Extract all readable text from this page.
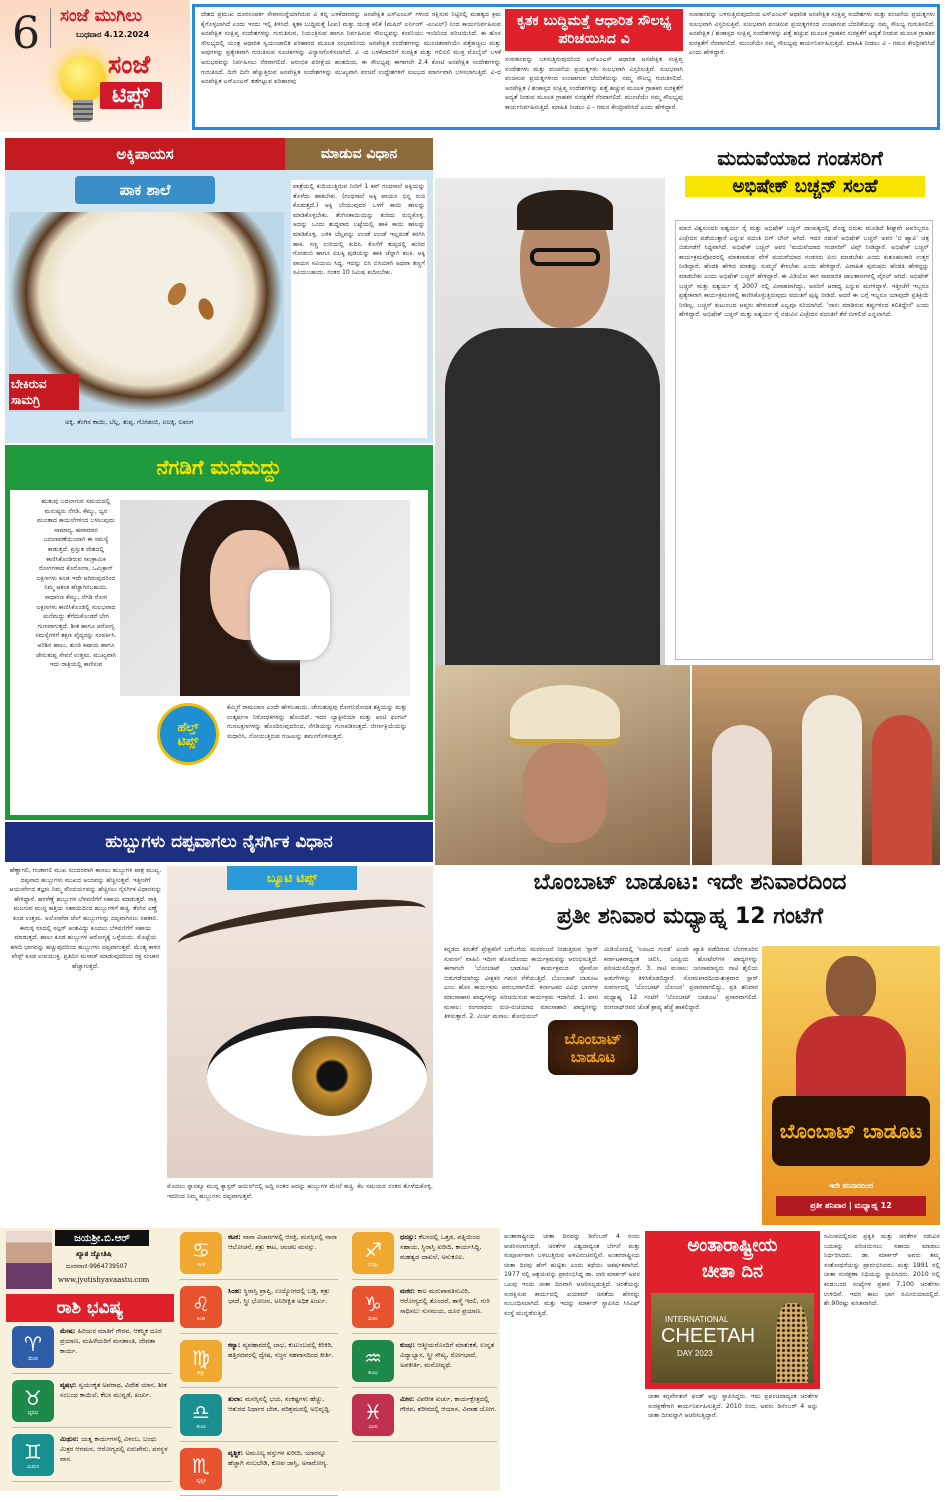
6 ಸಂಜೆ ಮುಗಿಲು
ಬುಧವಾರ 4.12.2024
ಸಂಜೆ
ಟಿಪ್ಸ್
ಕೃತಕ ಬುದ್ಧಿಮತ್ತೆ ಆಧಾರಿತ ಸೌಲಭ್ಯ ಪರಿಚಯಿಸಿದ ವಿ
ದೇಶದ ಪ್ರಮುಖ ದೂರಸಂಪರ್ಕ ಸೇವಾಸಂಸ್ಥೆಯಾಗಿರುವ ವಿ ತನ್ನ ಬಳಕೆದಾರರನ್ನು ಅನಪೇಕ್ಷಿತ ಎಸ್‌ಎಂಎಸ್ ಗಳಿಂದ ರಕ್ಷಿಸುವ ನಿಟ್ಟಿನಲ್ಲಿ ಮಹತ್ವದ ಕ್ರಮ ಕೈಗೊಳ್ಳಲಾಗಿದೆ ಎಂದು ಇಂದು ಇಲ್ಲಿ ತಿಳಿಸಿದೆ. ಕೃತಕ ಬುದ್ಧಿಮತ್ತೆ (ಎಐ) ಮತ್ತು ಯಂತ್ರ ಕಲಿಕೆ (ಮಷಿನ್ ಲರ್ನಿಂಗ್ -ಎಂಎಲ್) ನಿಂದ ಕಾರ್ಯನಿರ್ವಹಿಸುವ ಅನಪೇಕ್ಷಿತ ಸಂಕ್ಷಿಪ್ತ ಸಂದೇಶಗಳನ್ನು ಗುರುತಿಸುವ, ನಿಯಂತ್ರಿಸುವ ಹಾಗೂ ನಿರ್ವಹಿಸುವ ಸೌಲಭ್ಯವನ್ನು ಕಂಪನಿಯು ಇಂದಿನಿಂದ ಪರಿಚಯಿಸಿದೆ. ಈ ಹೊಸ ಸೌಲಭ್ಯದಲ್ಲಿ ಯಂತ್ರ ಆಧಾರಿತ ಸ್ವಯಂಚಾಲಿತ ಪರಿಹಾರದ ಮೂಲಕ ಸಂಭಾವನೀಯ ಅನಪೇಕ್ಷಿತ ಸಂದೇಶಗಳನ್ನು ಮುಂಚಿತವಾಗಿಯೇ ಪತ್ತೆಹಚ್ಚಲು ಮತ್ತು ಅವುಗಳನ್ನು ಪ್ರತ್ಯೇಕವಾಗಿ ಗುರುತಿಸುವ ಸೂಚಕಗಳನ್ನು ವಿನ್ಯಾಸಗೊಳಿಸಲಾಗಿದೆ. ವಿ -ದ ಬಳಕೆದಾರರಿಗೆ ಸುರಕ್ಷಿತ ಮತ್ತು ಗಲಿಬಿಲಿ ಮುಕ್ತ ಮೊಬೈಲ್ ಬಳಕೆ ಅನುಭವವನ್ನು ನಿರ್ವಹಿಸಲು ನೆರವಾಗಲಿದೆ. ಆರಂಭಿಕ ಪರೀಕ್ಷೆಯ ಹಂತದಿಂದ, ಈ ಸೌಲಭ್ಯವು ಈಗಾಗಲೇ 2.4 ಕೋಟಿ ಅನಪೇಕ್ಷಿತ ಸಂದೇಶಗಳನ್ನು ಗುರುತಿಸಿದೆ. ದಿನೇ ದಿನೇ ಹೆಚ್ಚುತ್ತಿರುವ ಅನಪೇಕ್ಷಿತ ಸಂದೇಶಗಳನ್ನು ಮುಖ್ಯವಾಗಿ ವಂಚನೆ ಉದ್ದೇಶಗಳಿಗೆ ಸುಲಭದ ಮಾರ್ಗವಾಗಿ ಬಳಸಲಾಗುತ್ತಿದೆ. ವಿ-ದ ಅನಪೇಕ್ಷಿತ ಎಸ್‌ಎಂಎಸ್ ತಡೆಗಟ್ಟುವ ಪರಿಹಾರವು
ಸಂವಹನವನ್ನು ಬಳಸುತ್ತಿರುವುದರಿಂದ ಎಸ್‌ಎಂಎಸ್ ಆಧಾರಿತ ಅನಪೇಕ್ಷಿತ ಸಂಕ್ಷಿಪ್ತ ಸಂದೇಶಗಳು ಮತ್ತು ವಂಚನೆಯ ಪ್ರಯತ್ನಗಳು ಸುಲಭವಾಗಿ ವಿಸ್ತರಿಸುತ್ತಿವೆ. ಸುಲಭವಾಗಿ ವಂಚಿಸುವ ಪ್ರಯತ್ನಗಳಿಂದ ಉಂಟಾಗುವ ಬೆದರಿಕೆಯನ್ನು ನಮ್ಮ ಸೌಲಭ್ಯ ಗುರುತಿಸಲಿದೆ. ಅನಪೇಕ್ಷಿತ / ಶಂಕಾಸ್ಪದ ಸಂಕ್ಷಿಪ್ತ ಸಂದೇಶಗಳನ್ನು ಪತ್ತೆ ಹಚ್ಚುವ ಮೂಲಕ ಗ್ರಾಹಕರ ಸುರಕ್ಷತೆಗೆ ಆದ್ಯತೆ ನೀಡುವ ಮೂಲಕ ಗ್ರಾಹಕರ ಸುರಕ್ಷತೆಗೆ ನೆರವಾಗಲಿದೆ. ಮುಂಚೆಯೇ ನಮ್ಮ ಸೌಲಭ್ಯವು ಕಾರ್ಯನಿರ್ವಹಿಸುತ್ತಿದೆ. ಮಾಹಿತಿ ನೀಡಲು ವಿ - ಗಮನ ಕೇಂದ್ರೀಕರಿಸಿದೆ ಎಂದು ಹೇಳಿದ್ದಾರೆ.
ಸಂವಹನವನ್ನು ಬಳಸುತ್ತಿರುವುದರಿಂದ ಎಸ್‌ಎಂಎಸ್ ಆಧಾರಿತ ಅನಪೇಕ್ಷಿತ ಸಂಕ್ಷಿಪ್ತ ಸಂದೇಶಗಳು ಮತ್ತು ವಂಚನೆಯ ಪ್ರಯತ್ನಗಳು ಸುಲಭವಾಗಿ ವಿಸ್ತರಿಸುತ್ತಿವೆ. ಸುಲಭವಾಗಿ ವಂಚಿಸುವ ಪ್ರಯತ್ನಗಳಿಂದ ಉಂಟಾಗುವ ಬೆದರಿಕೆಯನ್ನು ನಮ್ಮ ಸೌಲಭ್ಯ ಗುರುತಿಸಲಿದೆ. ಅನಪೇಕ್ಷಿತ / ಶಂಕಾಸ್ಪದ ಸಂಕ್ಷಿಪ್ತ ಸಂದೇಶಗಳನ್ನು ಪತ್ತೆ ಹಚ್ಚುವ ಮೂಲಕ ಗ್ರಾಹಕರ ಸುರಕ್ಷತೆಗೆ ಆದ್ಯತೆ ನೀಡುವ ಮೂಲಕ ಗ್ರಾಹಕರ ಸುರಕ್ಷತೆಗೆ ನೆರವಾಗಲಿದೆ. ಮುಂಚೆಯೇ ನಮ್ಮ ಸೌಲಭ್ಯವು ಕಾರ್ಯನಿರ್ವಹಿಸುತ್ತಿದೆ. ಮಾಹಿತಿ ನೀಡಲು ವಿ - ಗಮನ ಕೇಂದ್ರೀಕರಿಸಿದೆ ಎಂದು ಹೇಳಿದ್ದಾರೆ.
ಅಕ್ಕಿಪಾಯಸ	ಮಾಡುವ ವಿಧಾನ
ಪಾಕ ಶಾಲೆ
ಬೇಕಿರುವ ಸಾಮಗ್ರಿ
ಅಕ್ಕಿ, ತೆಂಗಿನ ಕಾಯಿ, ಬೆಲ್ಲ, ತುಪ್ಪ, ಗೋಡಂಬಿ, ಏಲಕ್ಕಿ, ಲವಂಗ
ಪಾತ್ರೆಯಲ್ಲಿ ಕುದಿಯುತ್ತಿರುವ ನೀರಿಗೆ 1 ಕಪ್ ಗಂಧಸಾಲೆ ಅಕ್ಕಿಯನ್ನು ತೊಳೆದು ಹಾಕಬೇಕು. (ಗಂಧಸಾಲೆ ಅಕ್ಕಿ ಪಾಯಸ ಭಿನ್ನ ರುಚಿ ಕೊಡುತ್ತದೆ.) ಅಕ್ಕಿ ಬೇಯುವುದರ ಒಳಗೆ ಕಾಯಿ ಹಾಲನ್ನು ಮಾಡಿಕೊಳ್ಳಬೇಕು. ತೆಂಗಿನಕಾಯಿಯನ್ನು ತುರಿದು ರುಬ್ಬಿಕೊಳ್ಳಿ. ಅದನ್ನು ಒಂದು ಶುದ್ಧವಾದ ಬಟ್ಟೆಯಲ್ಲಿ ಹಾಕಿ ಕಾಯಿ ಹಾಲನ್ನು ಮಾಡಿಕೊಳ್ಳಿ. ಬಳಿಕ ಬೆಲ್ಲವನ್ನು ಉಂಡೆ ಉಂಡೆ ಇಲ್ಲದಂತೆ ಕರಗಿಸಿ ಹಾಕಿ. ಸಣ್ಣ ಉರಿಯಲ್ಲಿ ಕುದಿಸಿ. ಕೊನೆಗೆ ತುಪ್ಪದಲ್ಲಿ ಹುರಿದ ಗೋಡಂಬಿ ಹಾಗೂ ಏಲಕ್ಕಿ ಪುಡಿಯನ್ನು ಹಾಕಿ ಚೆನ್ನಾಗಿ ಕಲಕಿ. ಅಕ್ಕಿ ಪಾಯಸ ಸವಿಯಲು ಸಿದ್ಧ. ಇದನ್ನು ಬಿಸಿ ಬಿಸಿಯಾಗಿ ಅಥವಾ ತಣ್ಣಗೆ ಸವಿಯಬಹುದು. ನಂತರ 10 ನಿಮಿಷ ಕುದಿಸಬೇಕು.
ಮದುವೆಯಾದ ಗಂಡಸರಿಗೆ
ಅಭಿಷೇಕ್ ಬಚ್ಚನ್ ಸಲಹೆ
ಮಾಜಿ ವಿಶ್ವಸುಂದರಿ ಐಶ್ವರ್ಯ ರೈ ಮತ್ತು ಅಭಿಷೇಕ್ ಬಚ್ಚನ್ ದಾಂಪತ್ಯದಲ್ಲಿ ದೊಡ್ಡ ಬಿರುಕು ಮೂಡಿದೆ ಶೀಘ್ರವೇ ಅವರಿಬ್ಬರೂ ವಿಚ್ಛೇದನ ಪಡೆಯುತ್ತಾರೆ ಎನ್ನುವ ವದಂತಿ ಬಿಗ್ ಬೌನ್ ಆಗಿದೆ. ಇದರ ನಡುವೆ ಅಭಿಷೇಕ್ ಬಚ್ಚನ್ ಅವರ 'ಬಿ ಹ್ಯಾಪಿ' ಚಿತ್ರ ಬಿಡುಗಡೆಗೆ ಸಿದ್ಧವಾಗಿದೆ. ಅಭಿಷೇಕ್ ಬಚ್ಚನ್ ಅವರ 'ಮದುವೆಯಾದ ಗಂಡಸರಿಗೆ' ಟಿಪ್ಸ್ ನೀಡಿದ್ದಾರೆ. ಅಭಿಷೇಕ್ ಬಚ್ಚನ್ ಕಾರ್ಯಕ್ರಮವೊಂದರಲ್ಲಿ ಮಾತನಾಡುವ ವೇಳೆ ಮದುವೆಯಾದ ಗಂಡಸರು ಏನು ಮಾಡಬೇಕು ಎಂದು ಕುತೂಹಲಕಾರಿ ಉತ್ತರ ನೀಡಿದ್ದಾರೆ. ಹೆಂಡತಿ ಹೇಳಿದ ಮಾತನ್ನು ಸುಮ್ಮನೆ ಕೇಳಬೇಕು ಎಂದು ಹೇಳಿದ್ದಾರೆ. ವಿವಾಹಿತ ಪುರುಷರು ಹೆಂಡತಿ ಹೇಳಿದ್ದನ್ನು ಮಾಡಬೇಕು ಎಂದು ಅಭಿಷೇಕ್ ಬಚ್ಚನ್ ಹೇಳಿದ್ದಾರೆ. ಈ ವಿಡಿಯೋ ಈಗ ಸಾಮಾಜಿಕ ಜಾಲತಾಣಗಳಲ್ಲಿ ವೈರಲ್ ಆಗಿದೆ. ಅಭಿಷೇಕ್ ಬಚ್ಚನ್ ಮತ್ತು ಐಶ್ವರ್ಯ ರೈ 2007 ರಲ್ಲಿ ವಿವಾಹವಾಗಿದ್ದು, ಅವರಿಗೆ ಆರಾಧ್ಯ ಎನ್ನುವ ಮಗಳಿದ್ದಾಳೆ. ಇತ್ತೀಚೆಗೆ ಇಬ್ಬರೂ ಪ್ರತ್ಯೇಕವಾಗಿ ಕಾರ್ಯಕ್ರಮಗಳಲ್ಲಿ ಕಾಣಿಸಿಕೊಳ್ಳುತ್ತಿರುವುದು ವದಂತಿಗೆ ಪುಷ್ಟಿ ನೀಡಿದೆ. ಆದರೆ ಈ ಬಗ್ಗೆ ಇಬ್ಬರೂ ಯಾವುದೇ ಪ್ರತಿಕ್ರಿಯೆ ನೀಡಿಲ್ಲ. ಬಚ್ಚನ್ ಕುಟುಂಬದ ಆಪ್ತರು ಹೇಳುವಂತೆ ಎಲ್ಲವೂ ಸರಿಯಾಗಿದೆ. 'ನಾನು ಮಾಡಿರುವ ತಪ್ಪುಗಳಿಂದ ಕಲಿತಿದ್ದೇನೆ' ಎಂದು ಹೇಳಿದ್ದಾರೆ. ಅಭಿಷೇಕ್ ಬಚ್ಚನ್ ಮತ್ತು ಐಶ್ವರ್ಯ ರೈ ನಡುವಿನ ವಿಚ್ಛೇದನ ವದಂತಿಗೆ ತೆರೆ ಬೀಳಲಿದೆ ಎನ್ನಲಾಗಿದೆ.
ನೆಗಡಿಗೆ ಮನೆಮದ್ದು
ಋತುವು ಬದಲಾಗುವ ಸಮಯದಲ್ಲಿ ಮನುಷ್ಯರು ನೆಗಡಿ, ಕೆಮ್ಮು, ಜ್ವರ ಮುಂತಾದ ಕಾಯಿಲೆಗಳಿಂದ ಬಳಲುವುದು ಸಾಮಾನ್ಯ. ಹವಾಮಾನ ಬದಲಾವಣೆಯಿಂದಾಗಿ ಈ ಸಮಸ್ಯೆ ಕಾಡುತ್ತದೆ. ಪ್ರಸ್ತುತ ದೇಶದಲ್ಲಿ ಕಾಣಿಸಿಕೊಂಡಿರುವ ಸಾಂಕ್ರಾಮಿಕ ರೋಗಗಳಾದ ಕೊರೋನಾ, ಒಮಿಕ್ರಾನ್ ಲಕ್ಷಣಗಳು ಕೂಡ ಇದೇ ಆಗಿರುವುದರಿಂದ ನಿಮ್ಮ ಆತಂಕ ಹೆಚ್ಚಾಗಿರಬಹುದು. ಸಾಧಾರಣ ಕೆಮ್ಮು, ನೆಗಡಿ ರೋಗ ಲಕ್ಷಣಗಳು ಕಾಣಿಸಿಕೊಂಡಲ್ಲಿ ಸುಲಭವಾದ ಮನೆಮದ್ದು ತೆಗೆದುಕೊಂಡರೆ ಬೇಗ ಗುಣವಾಗುತ್ತದೆ. ಶೀತ ಹಾಗೂ ಆರೋಗ್ಯ ಸಮಸ್ಯೆಗಳಿಗೆ ತಕ್ಷಣ ವೈದ್ಯರನ್ನು ಸಂಪರ್ಕಿಸಿ. ಅರಿಶಿನ ಹಾಲು, ಶುಂಠಿ ಕಷಾಯ ಹಾಗೂ ಜೇನುತುಪ್ಪ ಸೇವನೆ ಉತ್ತಮ. ಮುಖ್ಯವಾಗಿ ಇದು ರಾತ್ರಿಯಲ್ಲಿ ಕಾಣಿಸುವ
ಹೆಲ್ತ್
ಟಿಪ್ಸ್
ಕೆಮ್ಮಿಗೆ ರಾಮಬಾಣ ಎಂದೇ ಹೇಳಬಹುದು. ಜೇನುತುಪ್ಪವು ರೋಗನಿರೋಧಕ ಶಕ್ತಿಯನ್ನು ಮತ್ತು ಉತ್ಕರ್ಷಣ ನಿರೋಧಕಗಳನ್ನು ಹೊಂದಿದೆ. ಇದರ ಬ್ಯಾಕ್ಟೀರಿಯಾ ಮತ್ತು ಆಂಟಿ ಫಂಗಲ್ ಗುಣಲಕ್ಷಣಗಳನ್ನು ಹೊಂದಿರುವುದರಿಂದ, ನೆಗಡಿಯನ್ನು ಗುಣಪಡಿಸುತ್ತದೆ. ಜೀರ್ಣಕ್ರಿಯೆಯನ್ನು ಸುಧಾರಿಸಿ, ನೋಯುತ್ತಿರುವ ಗಂಟಲನ್ನು ಶಮನಗೊಳಿಸುತ್ತದೆ.
ಹುಬ್ಬುಗಳು ದಪ್ಪವಾಗಲು ನೈಸರ್ಗಿಕ ವಿಧಾನ
ಹೆಣ್ಣಾಗಲಿ, ಗಂಡಾಗಲಿ ಮುಖ ಸುಂದರವಾಗಿ ಕಾಣಲು ಹುಬ್ಬುಗಳ ಪಾತ್ರ ಮುಖ್ಯ. ದಪ್ಪವಾದ ಹುಬ್ಬುಗಳು ಮುಖದ ಅಂದವನ್ನು ಹೆಚ್ಚಿಸುತ್ತವೆ. ಇತ್ತೀಚೆಗೆ ಆಯುರ್ವೇದ ತಜ್ಞರು ನಿಮ್ಮ ಸೌಂದರ್ಯವನ್ನು ಹೆಚ್ಚಿಸಲು ನೈಸರ್ಗಿಕ ವಿಧಾನವನ್ನು ಹೇಳಿದ್ದಾರೆ. ಹರಳೆಣ್ಣೆ ಹುಬ್ಬುಗಳ ಬೆಳವಣಿಗೆಗೆ ಸಹಾಯ ಮಾಡುತ್ತದೆ. ರಾತ್ರಿ ಮಲಗುವ ಮುನ್ನ ಹತ್ತಿಯ ಸಹಾಯದಿಂದ ಹುಬ್ಬುಗಳಿಗೆ ಹಚ್ಚಿ. ತೆಂಗಿನ ಎಣ್ಣೆ ಕೂಡ ಉತ್ತಮ. ಅಲೋವೆರಾ ಜೆಲ್ ಹುಬ್ಬುಗಳನ್ನು ದಪ್ಪವಾಗಿಸಲು ಸಹಕಾರಿ. ಈರುಳ್ಳಿ ರಸದಲ್ಲಿ ಸಲ್ಫರ್ ಅಂಶವಿದ್ದು ಕೂದಲು ಬೆಳವಣಿಗೆಗೆ ಸಹಾಯ ಮಾಡುತ್ತದೆ. ಹಾಲು ಕೂಡ ಹುಬ್ಬುಗಳ ಆರೋಗ್ಯಕ್ಕೆ ಒಳ್ಳೆಯದು. ಮೊಟ್ಟೆಯ ಹಳದಿ ಭಾಗವನ್ನು ಹಚ್ಚುವುದರಿಂದ ಹುಬ್ಬುಗಳು ದಪ್ಪವಾಗುತ್ತವೆ. ಮೆಂತ್ಯ ಕಾಳಿನ ಪೇಸ್ಟ್ ಕೂಡ ಉಪಯುಕ್ತ. ಪ್ರತಿದಿನ ಮಸಾಜ್ ಮಾಡುವುದರಿಂದ ರಕ್ತ ಸಂಚಾರ ಹೆಚ್ಚಾಗುತ್ತದೆ.
ಬ್ಯೂಟಿ ಟಿಪ್ಸ್
ಮೊದಲು ಸ್ನಾನಕ್ಕೂ ಮುನ್ನ ಕ್ಯಾಸ್ಟರ್ ಆಯಿಲ್‌ನಲ್ಲಿ ಅದ್ದಿ ನಂತರ ಅದನ್ನು ಹುಬ್ಬುಗಳ ಮೇಲೆ ಹಚ್ಚಿ. ಕೆಲ ಸಮಯದ ನಂತರ ತೊಳೆದುಕೊಳ್ಳಿ. ಇದರಿಂದ ನಿಮ್ಮ ಹುಬ್ಬುಗಳು ದಪ್ಪವಾಗುತ್ತವೆ.
ಬೊಂಬಾಟ್ ಬಾಡೂಟ: ಇದೇ ಶನಿವಾರದಿಂದ
ಪ್ರತೀ ಶನಿವಾರ ಮಧ್ಯಾಹ್ನ 12 ಗಂಟೆಗೆ
ಕನ್ನಡದ ಕಿರುತೆರೆ ಪ್ರೇಕ್ಷಕರಿಗೆ ಬಗೆಬಗೆಯ ಮನರಂಜನೆ ನೀಡುತ್ತಿರುವ 'ಸ್ಟಾರ್ ಸುವರ್ಣ' ವಾಹಿನಿ ಇದೀಗ ಹೊಸದೊಂದು ಕಾರ್ಯಕ್ರಮವನ್ನು ಆರಂಭಿಸುತ್ತಿದೆ. ಈಗಾಗಲೇ 'ಬೊಂಬಾಟ್ ಬಾಡೂಟ' ಕಾರ್ಯಕ್ರಮದ ಪ್ರೋಮೋ ಬಿಡುಗಡೆಯಾಗಿದ್ದು ವೀಕ್ಷಕರ ಗಮನ ಸೆಳೆಯುತ್ತಿದೆ. ಬೊಂಬಾಟ್ ಬಾಡೂಟ ಎಂಬ ಹೊಸ ಕಾರ್ಯಕ್ರಮ ಆರಂಭವಾಗಲಿದೆ. ಕರ್ನಾಟಕದ ವಿವಿಧ ಭಾಗಗಳ ಮಾಂಸಾಹಾರ ಖಾದ್ಯಗಳನ್ನು ಪರಿಚಯಿಸುವ ಕಾರ್ಯಕ್ರಮ ಇದಾಗಿದೆ. 1. ಖಾರ ಮಸಾಲ: ರಂಗನಾಥರು ರುಚಿ-ರುಚಿಯಾದ ಮಾಂಸಾಹಾರಿ ಖಾದ್ಯಗಳನ್ನು ತಿಳಿಸುತ್ತಾರೆ. 2. ಮಿರ್ಚಿ ಮಸಾಲ: ಶೋಭಿಯಲ್
ಬೊಂಬಾಟ್ ಬಾಡೂಟ
ಮಿಡಿಯೋದಲ್ಲಿ 'ಊಟದ ಗುಂಡ' ಎಂದೇ ಖ್ಯಾತಿ ಪಡೆದಿರುವ ಬೆಂಗಳೂರಿನ ಕರ್ನಾಟಕವಾದ್ಯಂತ ಚಲಿಸಿ, ಜನಪ್ರಿಯ ಹೋಟೆಲ್‌ಗಳ ಖಾದ್ಯಗಳನ್ನು ಪರಿಚಯಿಸಲಿದ್ದಾರೆ. 3. ನಾಟಿ ಮಸಾಲ: ಜನಸಾಮಾನ್ಯರು ನಾಟಿ ಶೈಲಿಯ ಅಡುಗೆಗಳನ್ನು ತಿಳಿಸಿಕೊಡಲಿದ್ದಾರೆ. ಸೋಮವಾರದಿಂದ-ಶುಕ್ರವಾರ ಸ್ಟಾರ್ ಸುವರ್ಣದಲ್ಲಿ 'ಬೊಂಬಾಟ್ ಬೋಜನ' ಪ್ರಸಾರವಾಗಲಿದ್ದು, ಪ್ರತಿ ಶನಿವಾರ ಮಧ್ಯಾಹ್ನ 12 ಗಂಟೆಗೆ 'ಬೊಂಬಾಟ್ ಬಾಡೂಟ' ಪ್ರಸಾರವಾಗಲಿದೆ. ರಂಗನಾಥ್‌ರವರ ಜೊತೆ ಶ್ರಾವ್ಯ ಹೆಜ್ಜೆ ಹಾಕಲಿದ್ದಾರೆ.
ಬೊಂಬಾಟ್ ಬಾಡೂಟ
ಇದೇ ಶನಿವಾರದಿಂದ
ಪ್ರತೀ ಶನಿವಾರ | ಮಧ್ಯಾಹ್ನ 12
ಜಯಶ್ರೀ.ಬಿ.ಆರ್
ಖ್ಯಾತ ಜ್ಯೋತಿಷಿ
ದೂರವಾಣಿ-9964739507
www.jyotishyavaastu.com
ರಾಶಿ ಭವಿಷ್ಯ
♈
ಮೇಷ
ಮೇಷ: ಹಿರಿಯರ ಮಾತಿಗೆ ಗೌರವ, ಆಕಸ್ಮಿಕ ದೂರ ಪ್ರಯಾಣ, ಮಹಿಳೆಯರಿಗೆ ಮನಶಾಂತಿ, ದೇವತಾ ಕಾರ್ಯ.
♉
ವೃಷಭ
ವೃಷಭ: ಸ್ವಯಂಕೃತ ಅಪರಾಧ, ವಿದೇಶ ಯಾನ, ಶೀತ ಸಂಬಂಧ ಕಾಯಿಲೆ, ಕೆಲಸ ಮುನ್ನಡೆ, ಖರ್ಚು.
♊
ಮಿಥುನ
ಮಿಥುನ: ಯತ್ನ ಕಾರ್ಯಗಳಲ್ಲಿ ವಿಳಂಬ, ಬಂಧು ಮಿತ್ರರ ಆಗಮನ, ಆರೋಗ್ಯದಲ್ಲಿ ಏರುಪೇರು, ಪರಸ್ಥಳ ವಾಸ.
♋
ಕಟಕ
ಕಟಕ: ನಾನಾ ವಿಚಾರಗಳಲ್ಲಿ ಆಸಕ್ತಿ, ಮನಸ್ಸಿನಲ್ಲಿ ನಾನಾ ಆಲೋಚನೆ, ಶತ್ರು ಕಾಟ, ಚಂಚಲ ಮನಸ್ಸು.
♌
ಸಿಂಹ
ಸಿಂಹ: ಸ್ಥಿರಾಸ್ತಿ ಪ್ರಾಪ್ತಿ, ಉದ್ಯೋಗದಲ್ಲಿ ಬಡ್ತಿ, ಶತ್ರು ಭಾದೆ, ಸ್ತ್ರೀ ಭೋಜನ, ಅನಿರೀಕ್ಷಿತ ಅಧಿಕ ಖರ್ಚು.
♍
ಕನ್ಯಾ
ಕನ್ಯಾ: ವ್ಯವಹಾರದಲ್ಲಿ ಲಾಭ, ಕುಟುಂಬದಲ್ಲಿ ಕಿರಿಕಿರಿ, ಹತ್ತಿರದವರಲ್ಲಿ ದ್ವೇಷ, ಸಜ್ಜನ ಸಹವಾಸದಿಂದ ಕೀರ್ತಿ.
♎
ತುಲಾ
ತುಲಾ: ಮನಸ್ಸಿನಲ್ಲಿ ಭಯ, ಸಂಕಷ್ಟಗಳು ಹೆಚ್ಚು, ಆತುರದ ನಿರ್ಧಾರ ಬೇಡ, ಪರಿಶ್ರಮದಲ್ಲಿ ಅಭಿವೃದ್ಧಿ.
♏
ವೃಶ್ಚಿಕ
ವೃಶ್ಚಿಕ: ಅಮೂಲ್ಯ ವಸ್ತುಗಳ ಖರೀದಿ, ಯಾರನ್ನೂ ಹೆಚ್ಚಾಗಿ ನಂಬಬೇಡಿ, ಕೋಪ ಜಾಸ್ತಿ, ಅನಾರೋಗ್ಯ.
♐
ಧನಸ್ಸು
ಧನಸ್ಸು: ಕೆಲಸದಲ್ಲಿ ಒತ್ತಡ, ಪತ್ನಿಯಿಂದ ಸಹಾಯ, ಸ್ಥಿರಾಸ್ತಿ ಖರೀದಿ, ಕಾರ್ಯಸಿದ್ಧಿ, ಮಹತ್ವದ ದಾಖಲೆ, ಅನುಕೂಲ.
♑
ಮಕರ
ಮಕರ: ಕಾಲ ಮರುಪಾವತಿಸುವಿರಿ, ಆರೋಗ್ಯದಲ್ಲಿ ತೊಂದರೆ, ತಾಳ್ಮೆ ಇರಲಿ, ಗುರಿ ಸಾಧಿಸಲು ಸುಸಮಯ, ದೂರ ಪ್ರಯಾಣ.
♒
ಕುಂಭ
ಕುಂಭ: ಆತ್ಮೀಯರೊಂದಿಗೆ ಮಾತುಕತೆ, ಉನ್ನತ ವಿದ್ಯಾಭ್ಯಾಸ, ಸ್ತ್ರೀ ಸೌಖ್ಯ, ರೋಗಭಾದೆ, ಅಪಕೀರ್ತಿ, ಮನೋವ್ಯಥೆ.
♓
ಮೀನ
ಮೀನ: ವಿಪರೀತ ಖರ್ಚು, ಕಾರ್ಯಕ್ಷೇತ್ರದಲ್ಲಿ ಗೌರವ, ಶರೀರದಲ್ಲಿ ಆಯಾಸ, ವಿವಾಹ ಯೋಗ.
ಅಂತಾರಾಷ್ಟ್ರೀಯ ಚೀತಾ ದಿನವನ್ನು ಡಿಸೆಂಬರ್ 4 ರಂದು ಆಚರಿಸಲಾಗುತ್ತದೆ. ಚಿರತೆಗಳ ವಿಶ್ವದಾದ್ಯಂತ ಬೇಗನೆ ಮತ್ತು ಸಂಪೂರ್ಣವಾಗಿ ಬಳಲುತ್ತಿರುವ ಅಳಿವಿನಂಚಿನಲ್ಲಿವೆ. ಅಂತರರಾಷ್ಟ್ರೀಯ ಚೀತಾ ದಿನವು ಹೇಗೆ ಹುಟ್ಟಿತು ಎಂದು ಕಥೆಯು ಆಕರ್ಷಕವಾಗಿದೆ. 1977 ರಲ್ಲಿ ಆಶ್ರಯವನ್ನು ಪ್ರಾರಂಭಿಸಿದ್ದ ಡಾ. ಲಾರಿ ಮಾರ್ಕರ್ ಅವರ ಒಲವು ಇಂದು ಚೀತಾ ದಿನವಾಗಿ ಆಚರಿಸಲ್ಪಡುತ್ತಿದೆ. ಚಿರತೆಯನ್ನು ಸಂರಕ್ಷಿಸುವ ಕಾರ್ಯದಲ್ಲಿ ಖಯಾಮ್ ಚಿರತೆಯ ಹೆಸರನ್ನು ಸಂಬಂಧಿಸಲಾಗಿದೆ. ಮತ್ತು ಇದನ್ನು ಮಾರ್ಕರ್ ಸ್ಥಾಪಿಸಿದ ಸಿಸಿಎಫ್ ಸಂಸ್ಥೆ ಮುನ್ನಡೆಸುತ್ತಿದೆ.
ಅಂತಾರಾಷ್ಟ್ರೀಯ
ಚೀತಾ ದಿನ
INTERNATIONAL
CHEETAH
DAY 2023
ಚೀತಾ ಕನ್ಸರ್ವೇಶನ್ ಫಂಡ್ ಅನ್ನು ಸ್ಥಾಪಿಸಿದ್ದರು. ಇದು ಪ್ರಪಂಚದಾದ್ಯಂತ ಚಿರತೆಗಳ ಸಂರಕ್ಷಣೆಗಾಗಿ ಕಾರ್ಯನಿರ್ವಹಿಸುತ್ತಿದೆ. 2010 ರಿಂದ, ಅವರು ಡಿಸೆಂಬರ್ 4 ಅನ್ನು ಚೀತಾ ದಿನವನ್ನಾಗಿ ಆಚರಿಸುತ್ತಿದ್ದಾರೆ.
ಸಮೀಪದಲ್ಲಿರುವ ಪ್ರಕೃತಿ ಮತ್ತು ಚಿರತೆಗಳ ನಡುವಿನ ಬದುಕನ್ನು ಪರಿಚಯಿಸಲು ಸಹಾಯ ಮಾಡಲು ನಿರ್ಧರಿಸಿದರು. ಡಾ. ಮಾರ್ಕರ್ ಅವರು ತಮ್ಮ ಸಂಶೋಧನೆಯನ್ನು ಪ್ರಾರಂಭಿಸಿದರು. ಮತ್ತು 1991 ರಲ್ಲಿ ಚೀತಾ ಸಂರಕ್ಷಣಾ ನಿಧಿಯನ್ನು ಸ್ಥಾಪಿಸಿದರು. 2010 ರಲ್ಲಿ ಕಂಡುಬಂದ ಸಂಖ್ಯೆಗಳ ಪ್ರಕಾರ 7,100 ಚಿರತೆಗಳು ಉಳಿದಿವೆ. ಇದರ ಕಾಲು ಭಾಗ ನಮೀಬಿಯಾದಲ್ಲಿದೆ. ಶೇ.90ರಷ್ಟು ಕುಸಿತವಾಗಿದೆ.
